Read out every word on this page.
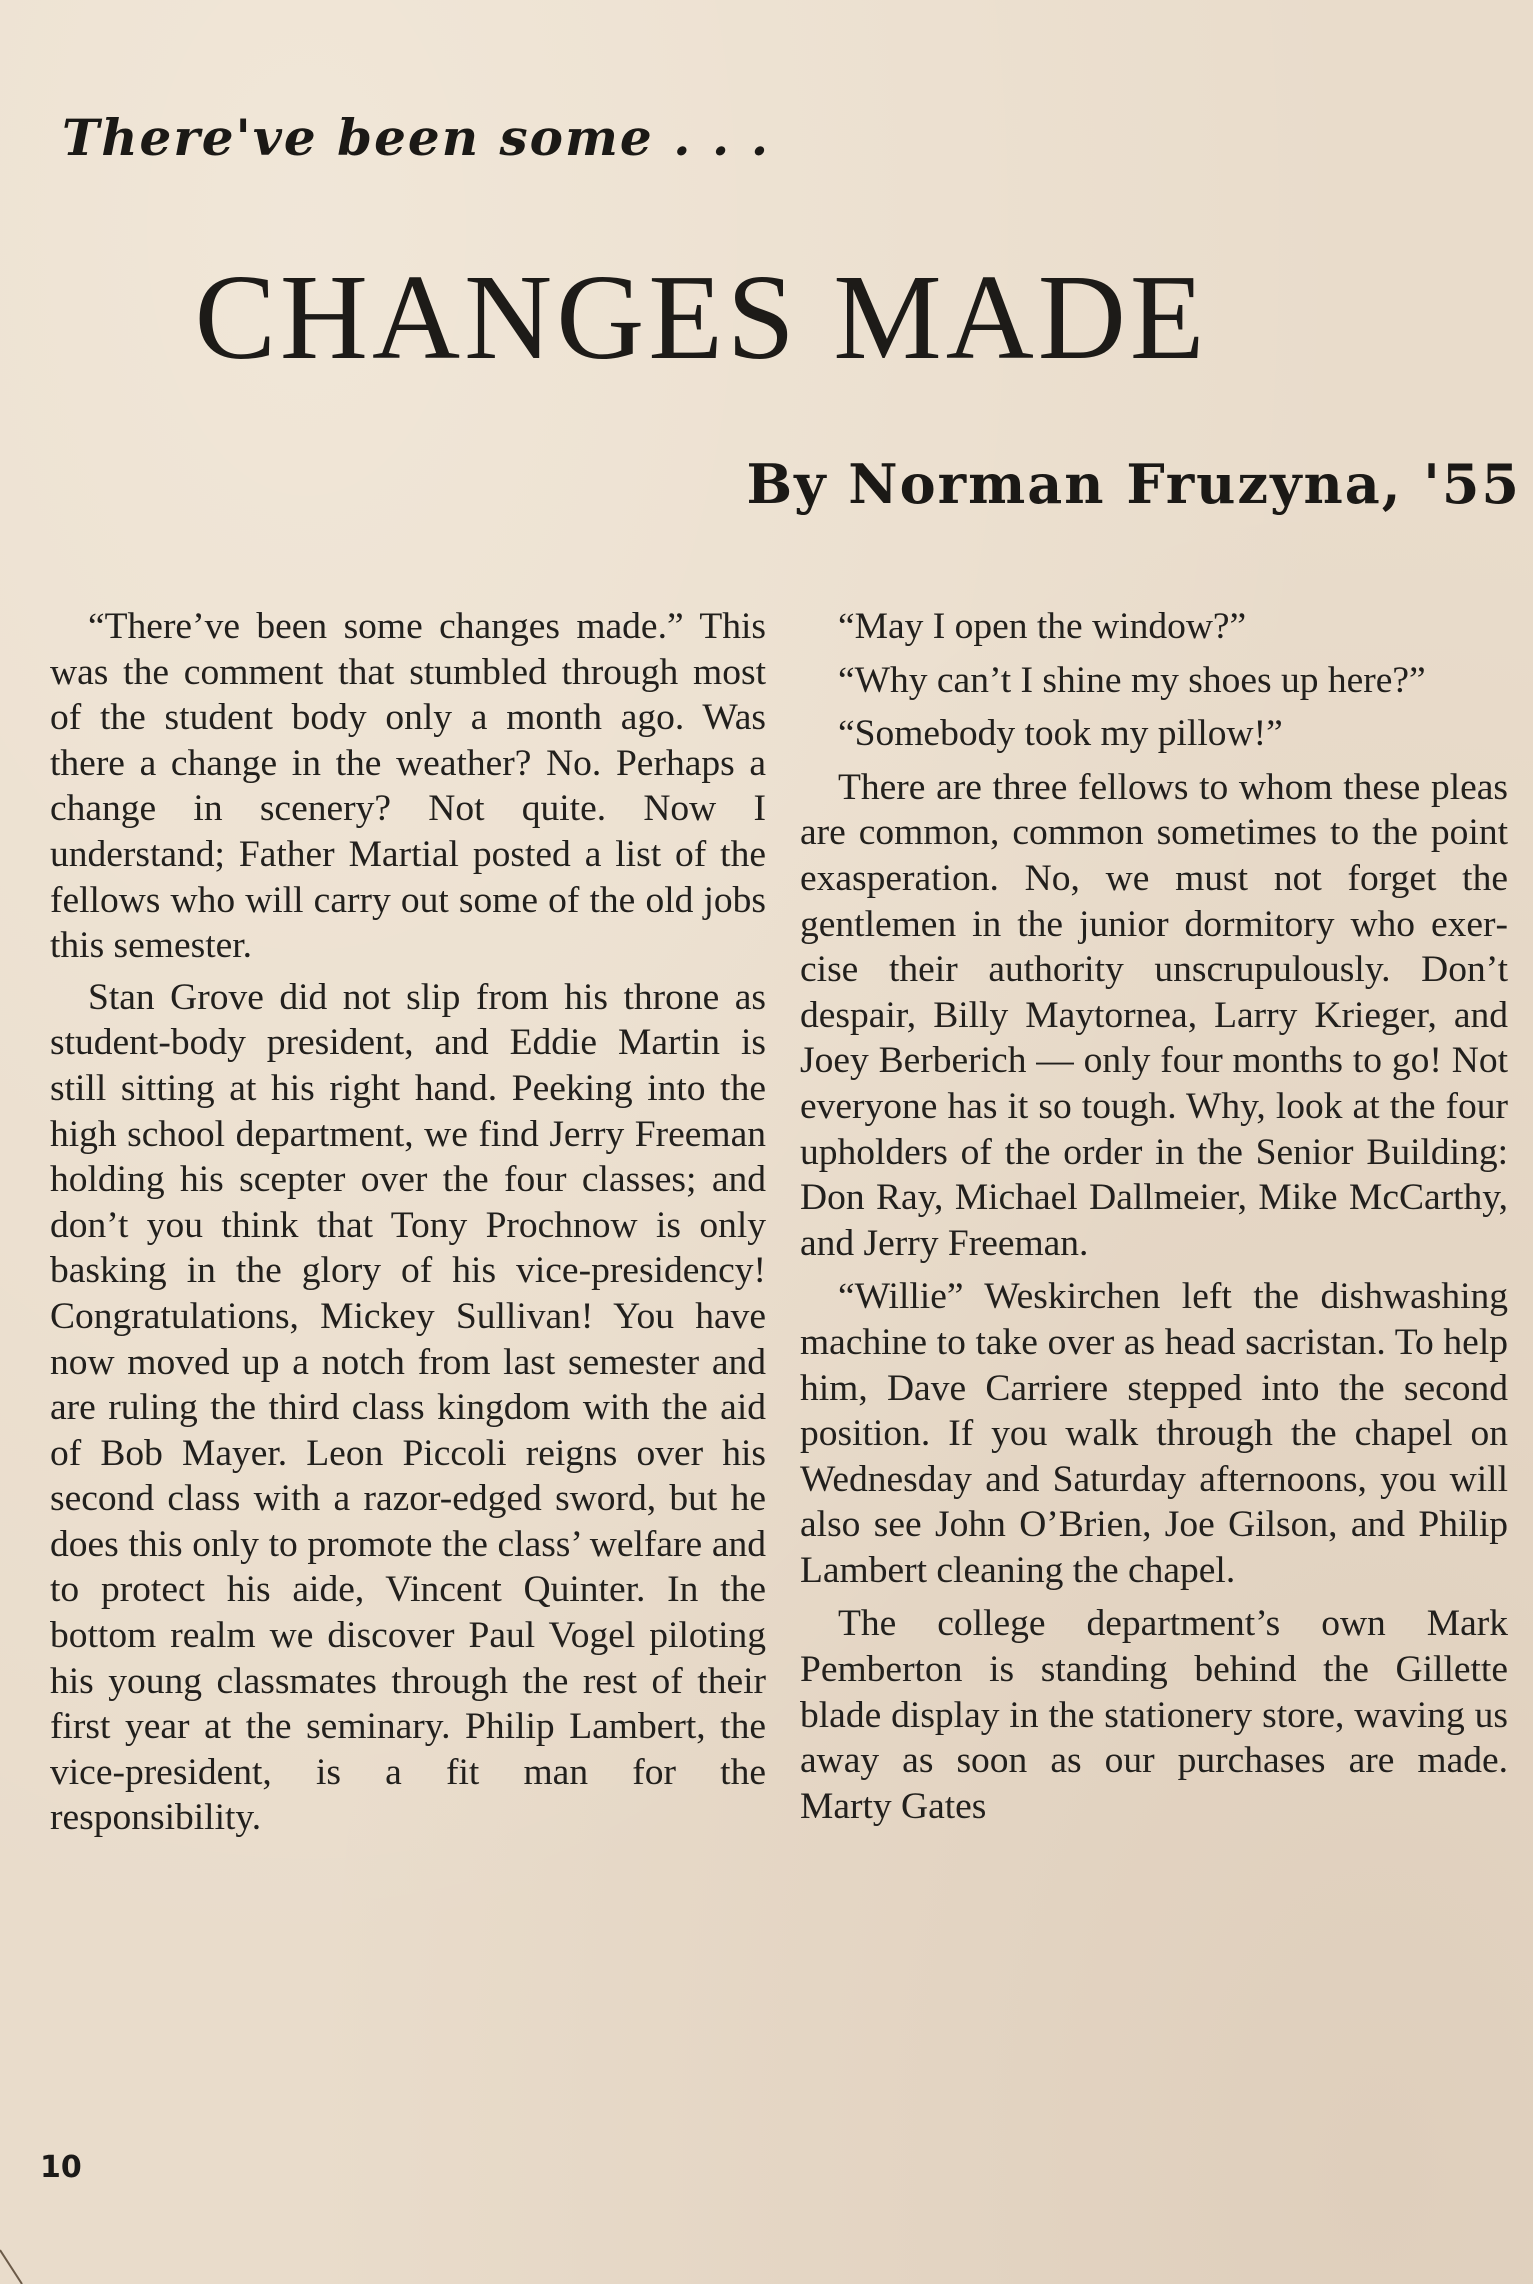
There've been some . . .
CHANGES MADE
By Norman Fruzyna, '55

“There’ve been some changes made.” This was the comment that stumbled through most of the student body only a month ago. Was there a change in the weather? No. Perhaps a change in scenery? Not quite. Now I understand; Father Martial posted a list of the fellows who will carry out some of the old jobs this semester.

Stan Grove did not slip from his throne as student-body president, and Eddie Martin is still sitting at his right hand. Peeking into the high school department, we find Jerry Freeman holding his scepter over the four classes; and don’t you think that Tony Prochnow is only basking in the glory of his vice-presidency! Congratulations, Mickey Sullivan! You have now moved up a notch from last semester and are ruling the third class kingdom with the aid of Bob Mayer. Leon Piccoli reigns over his second class with a razor-edged sword, but he does this only to promote the class’ welfare and to protect his aide, Vincent Quinter. In the bottom realm we discover Paul Vogel piloting his young classmates through the rest of their first year at the seminary. Philip Lambert, the vice-president, is a fit man for the responsibility.

“May I open the window?”

“Why can’t I shine my shoes up here?”

“Somebody took my pillow!”

There are three fellows to whom these pleas are common, common sometimes to the point exasperation. No, we must not forget the gentlemen in the junior dormitory who exercise their authority unscrupulously. Don’t despair, Billy Maytornea, Larry Krieger, and Joey Berberich — only four months to go! Not everyone has it so tough. Why, look at the four upholders of the order in the Senior Building: Don Ray, Michael Dallmeier, Mike McCarthy, and Jerry Freeman.

“Willie” Weskirchen left the dishwashing machine to take over as head sacristan. To help him, Dave Carriere stepped into the second position. If you walk through the chapel on Wednesday and Saturday afternoons, you will also see John O’Brien, Joe Gilson, and Philip Lambert cleaning the chapel.

The college department’s own Mark Pemberton is standing behind the Gillette blade display in the stationery store, waving us away as soon as our purchases are made. Marty Gates

10
